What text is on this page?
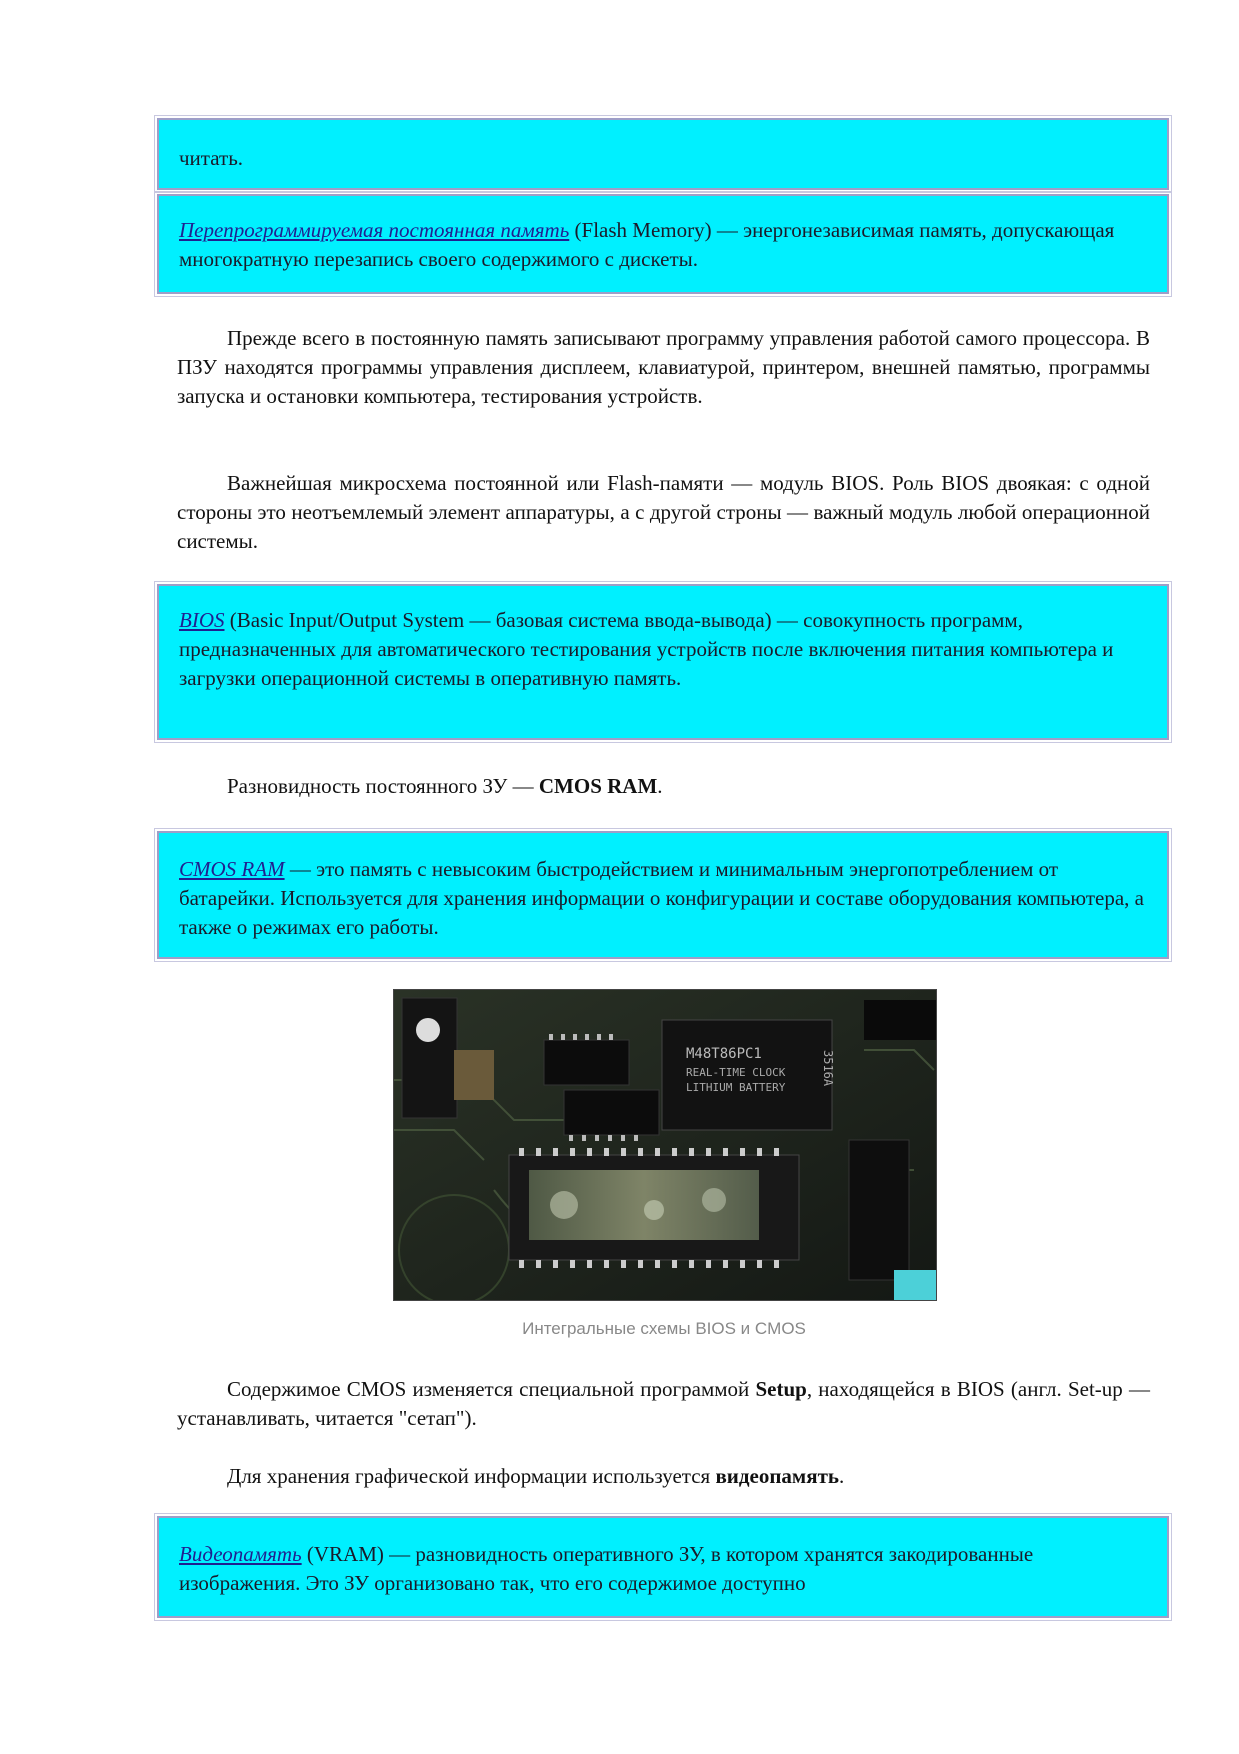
читать.
Перепрограммируемая постоянная память (Flash Memory) — энергонезависимая память, допускающая многократную перезапись своего содержимого с дискеты.
Прежде всего в постоянную память записывают программу управления работой самого процессора. В ПЗУ находятся программы управления дисплеем, клавиатурой, принтером, внешней памятью, программы запуска и остановки компьютера, тестирования устройств.
Важнейшая микросхема постоянной или Flash-памяти — модуль BIOS. Роль BIOS двоякая: с одной стороны это неотъемлемый элемент аппаратуры, а с другой строны — важный модуль любой операционной системы.
BIOS (Basic Input/Output System — базовая система ввода-вывода) — совокупность программ, предназначенных для автоматического тестирования устройств после включения питания компьютера и загрузки операционной системы в оперативную память.
Разновидность постоянного ЗУ — CMOS RAM.
CMOS RAM — это память с невысоким быстродействием и минимальным энергопотреблением от батарейки. Используется для хранения информации о конфигурации и составе оборудования компьютера, а также о режимах его работы.
M48T86PC1
REAL-TIME CLOCK
LITHIUM BATTERY
3516A
Интегральные схемы BIOS и CMOS
Содержимое CMOS изменяется специальной программой Setup, находящейся в BIOS (англ. Set-up — устанавливать, читается "сетап").
Для хранения графической информации используется видеопамять.
Видеопамять (VRAM) — разновидность оперативного ЗУ, в котором хранятся закодированные изображения. Это ЗУ организовано так, что его содержимое доступно
